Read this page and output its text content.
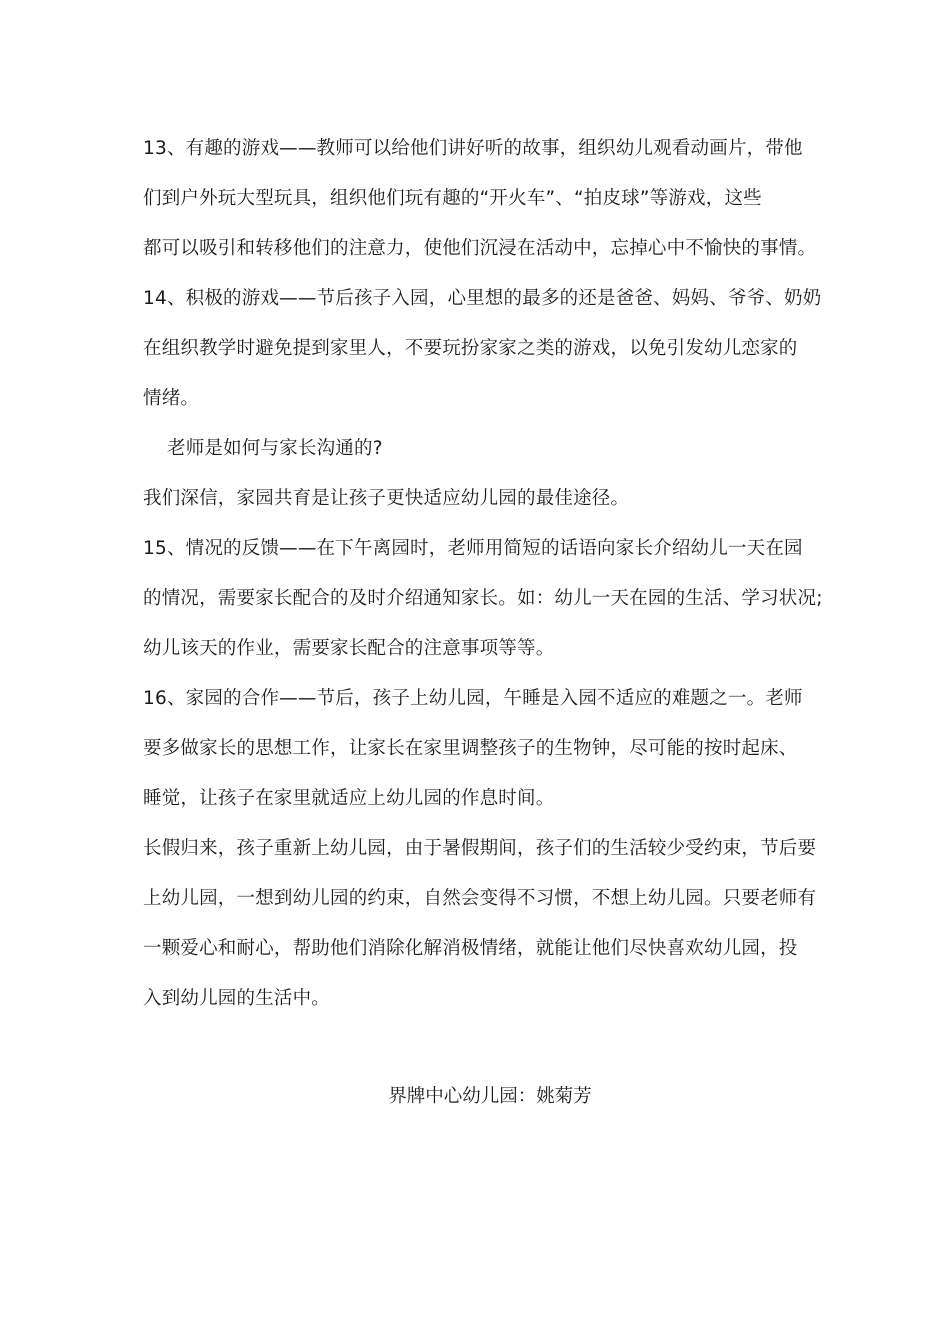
13、有趣的游戏——教师可以给他们讲好听的故事，组织幼儿观看动画片，带他
们到户外玩大型玩具，组织他们玩有趣的“开火车”、“拍皮球”等游戏，这些
都可以吸引和转移他们的注意力，使他们沉浸在活动中，忘掉心中不愉快的事情。
14、积极的游戏——节后孩子入园，心里想的最多的还是爸爸、妈妈、爷爷、奶奶
在组织教学时避免提到家里人，不要玩扮家家之类的游戏，以免引发幼儿恋家的
情绪。
老师是如何与家长沟通的?
我们深信，家园共育是让孩子更快适应幼儿园的最佳途径。
15、情况的反馈——在下午离园时，老师用简短的话语向家长介绍幼儿一天在园
的情况，需要家长配合的及时介绍通知家长。如：幼儿一天在园的生活、学习状况;
幼儿该天的作业，需要家长配合的注意事项等等。
16、家园的合作——节后，孩子上幼儿园，午睡是入园不适应的难题之一。老师
要多做家长的思想工作，让家长在家里调整孩子的生物钟，尽可能的按时起床、
睡觉，让孩子在家里就适应上幼儿园的作息时间。
长假归来，孩子重新上幼儿园，由于暑假期间，孩子们的生活较少受约束，节后要
上幼儿园，一想到幼儿园的约束，自然会变得不习惯，不想上幼儿园。只要老师有
一颗爱心和耐心，帮助他们消除化解消极情绪，就能让他们尽快喜欢幼儿园，投
入到幼儿园的生活中。
界牌中心幼儿园：姚菊芳
